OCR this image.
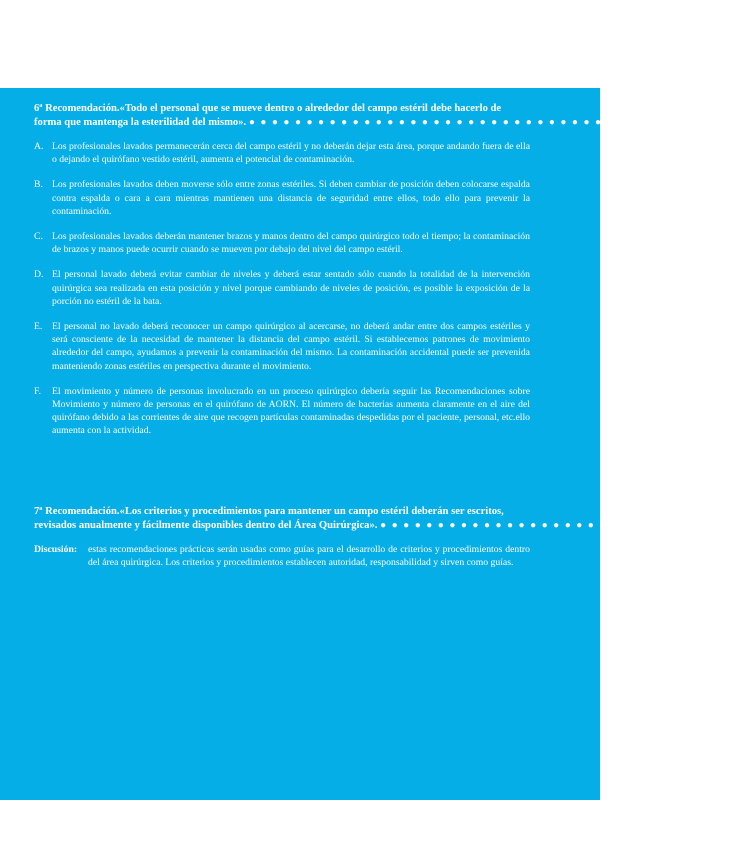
6ª Recomendación.«Todo el personal que se mueve dentro o alrededor del campo estéril debe hacerlo de

forma que mantenga la esterilidad del mismo». ● ● ● ● ● ● ● ● ● ● ● ● ● ● ● ● ● ● ● ● ● ● ● ● ● ● ● ● ● ● ● ● ● ● ● ● ● ● ● ● ● ● ●

A. Los profesionales lavados permanecerán cerca del campo estéril y no deberán dejar esta área, porque andando fuera de ella o dejando el quirófano vestido estéril, aumenta el potencial de contaminación.
B. Los profesionales lavados deben moverse sólo entre zonas estériles. Si deben cambiar de posición deben colocarse espalda contra espalda o cara a cara mientras mantienen una distancia de seguridad entre ellos, todo ello para prevenir la contaminación.
C. Los profesionales lavados deberán mantener brazos y manos dentro del campo quirúrgico todo el tiempo; la contaminación de brazos y manos puede ocurrir cuando se mueven por debajo del nivel del campo estéril.
D. El personal lavado deberá evitar cambiar de niveles y deberá estar sentado sólo cuando la totalidad de la intervención quirúrgica sea realizada en esta posición y nivel porque cambiando de niveles de posición, es posible la exposición de la porción no estéril de la bata.
E. El personal no lavado deberá reconocer un campo quirúrgico al acercarse, no deberá andar entre dos campos estériles y será consciente de la necesidad de mantener la distancia del campo estéril. Si establecemos patrones de movimiento alrededor del campo, ayudamos a prevenir la contaminación del mismo. La contaminación accidental puede ser prevenida manteniendo zonas estériles en perspectiva durante el movimiento.
F. El movimiento y número de personas involucrado en un proceso quirúrgico debería seguir las Recomendaciones sobre Movimiento y número de personas en el quirófano de AORN. El número de bacterias aumenta claramente en el aire del quirófano debido a las corrientes de aire que recogen partículas contaminadas despedidas por el paciente, personal, etc.ello aumenta con la actividad.

7ª Recomendación.«Los criterios y procedimientos para mantener un campo estéril deberán ser escritos,

revisados anualmente y fácilmente disponibles dentro del Área Quirúrgica». ● ● ● ● ● ● ● ● ● ● ● ● ● ● ● ● ● ● ● ● ● ● ● ● ● ● ● ● ● ● ●

Discusión:	estas recomendaciones prácticas serán usadas como guías para el desarrollo de criterios y procedimientos dentro del área quirúrgica. Los criterios y procedimientos establecen autoridad, responsabilidad y sirven como guías.
